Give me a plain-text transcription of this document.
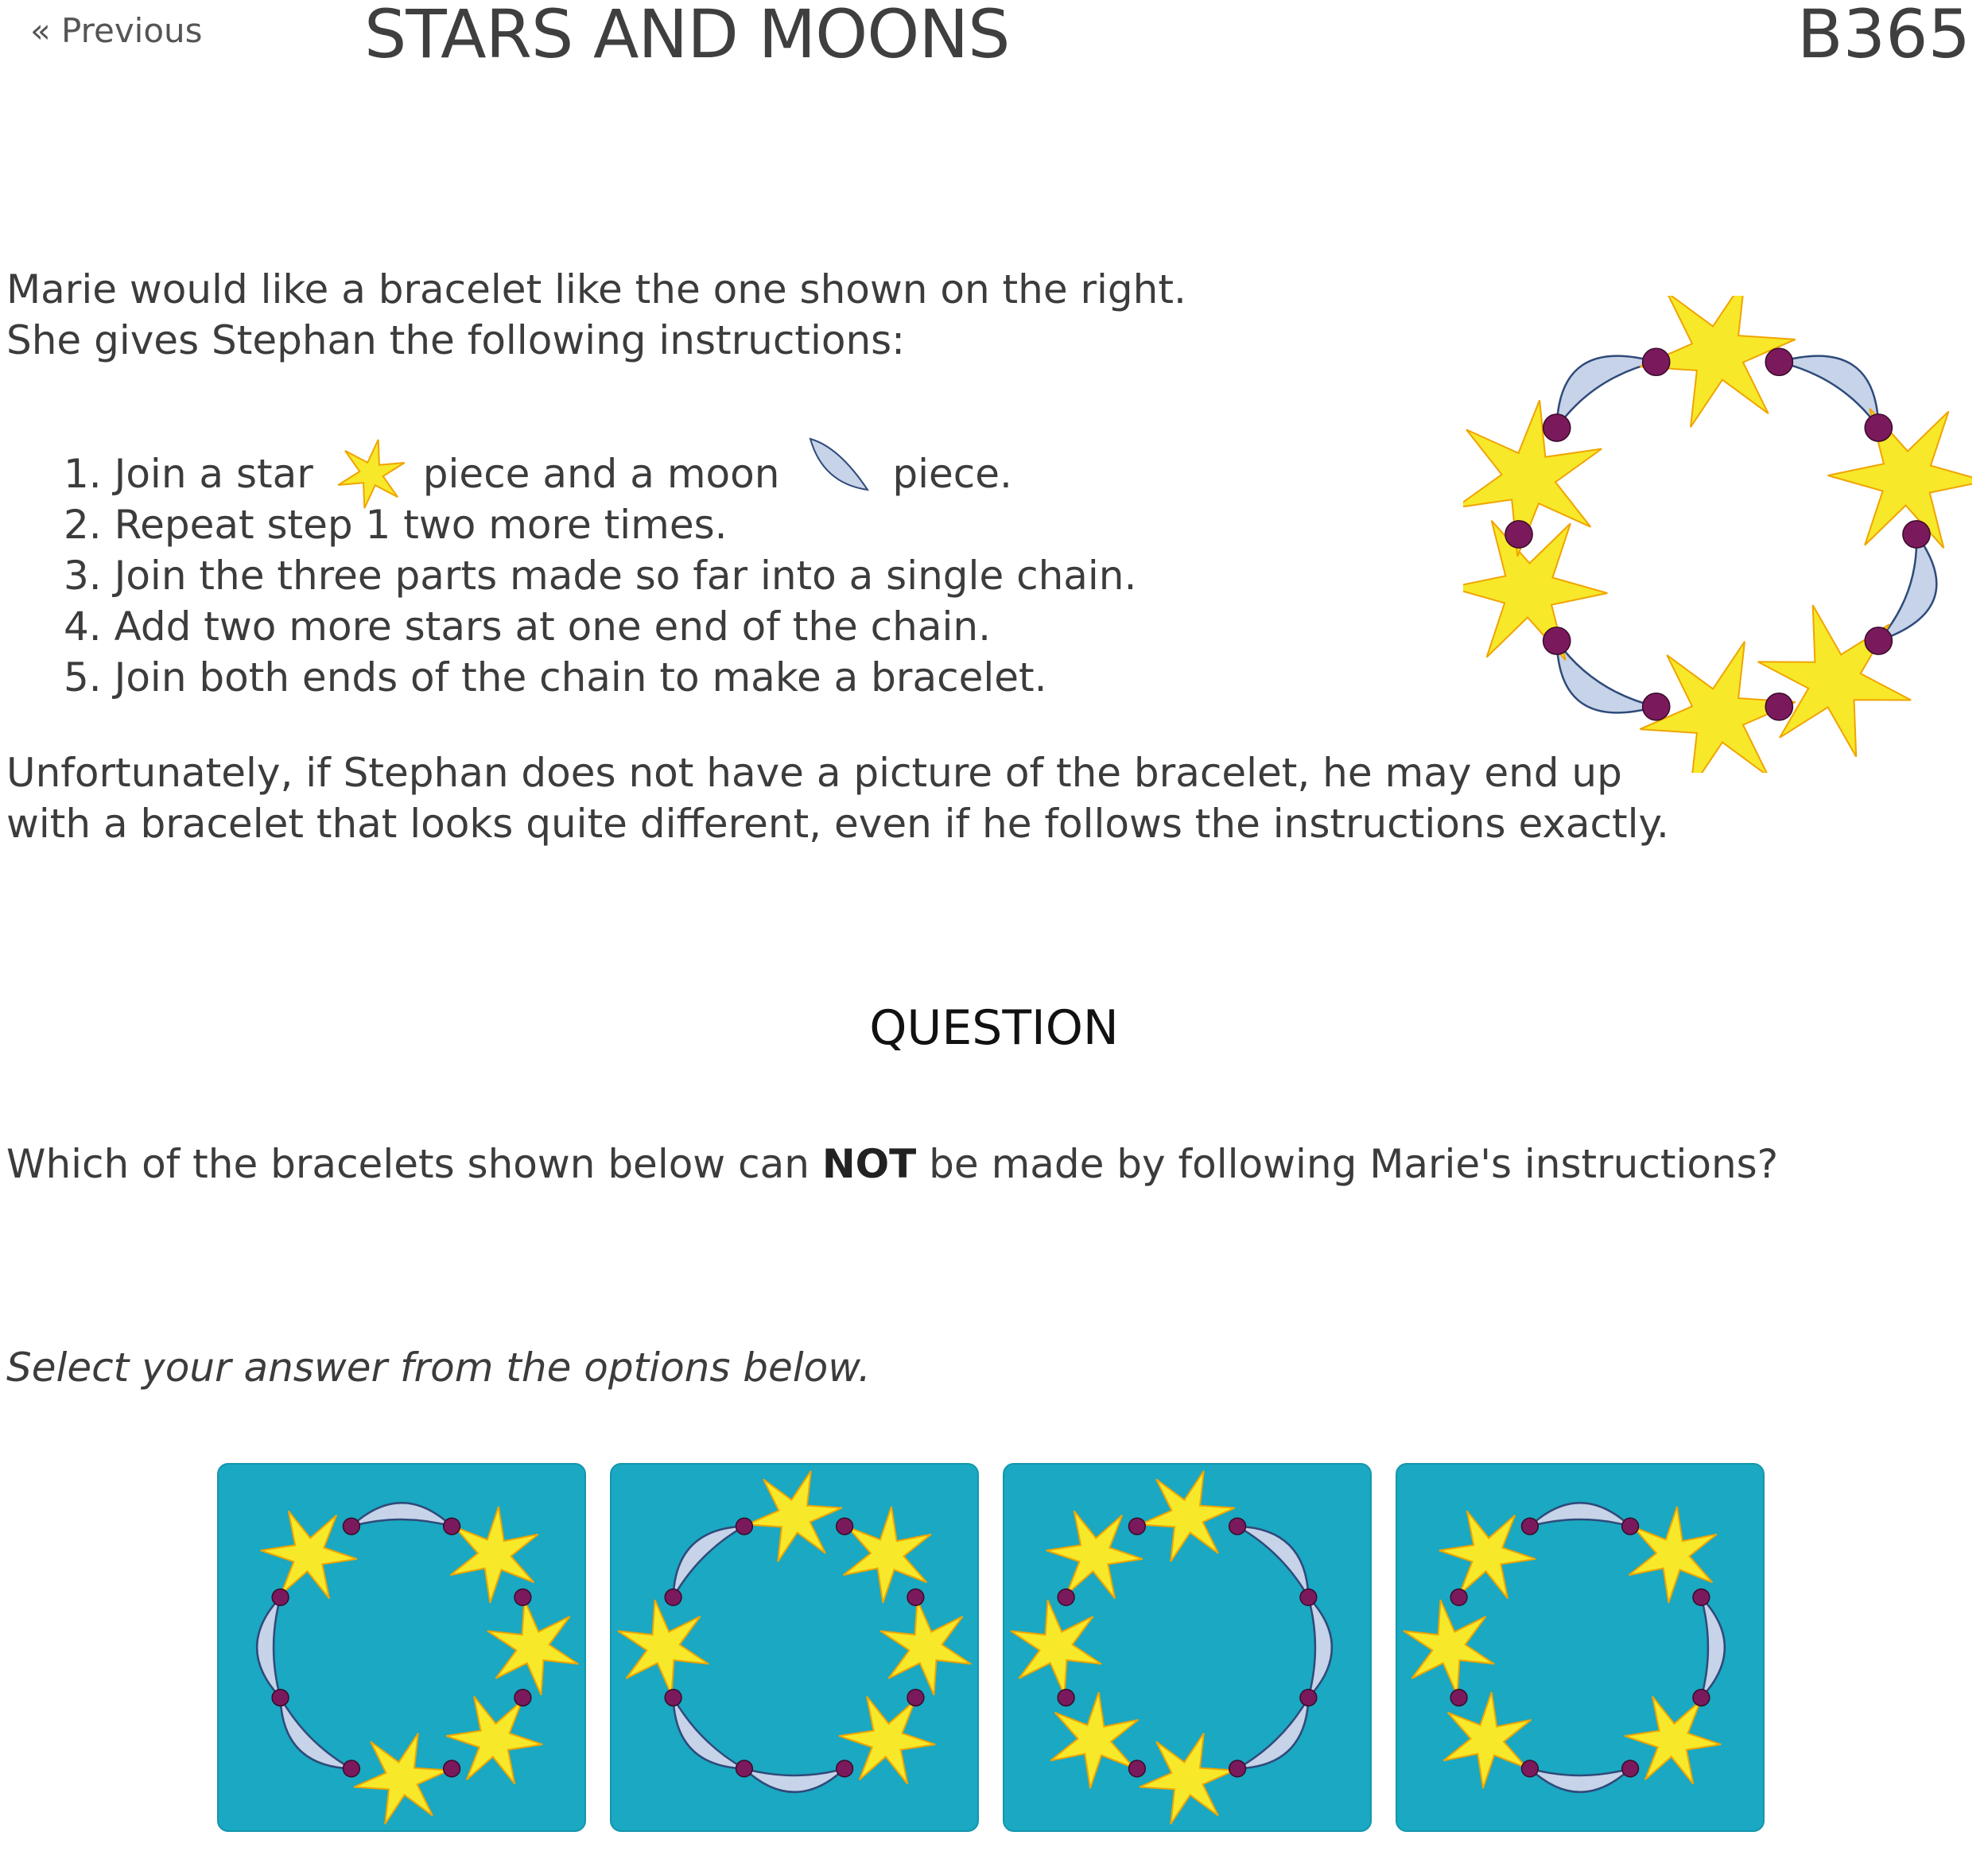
« Previous STARS AND MOONS	B365
Marie would like a bracelet like the one shown on the right.
She gives Stephan the following instructions:
1. Join a star	piece and a moon	piece.
2. Repeat step 1 two more times.
3. Join the three parts made so far into a single chain.
4. Add two more stars at one end of the chain.
5. Join both ends of the chain to make a bracelet.
Unfortunately, if Stephan does not have a picture of the bracelet, he may end up
with a bracelet that looks quite different, even if he follows the instructions exactly.
QUESTION
Which of the bracelets shown below can NOT be made by following Marie's instructions?
Select your answer from the options below.
